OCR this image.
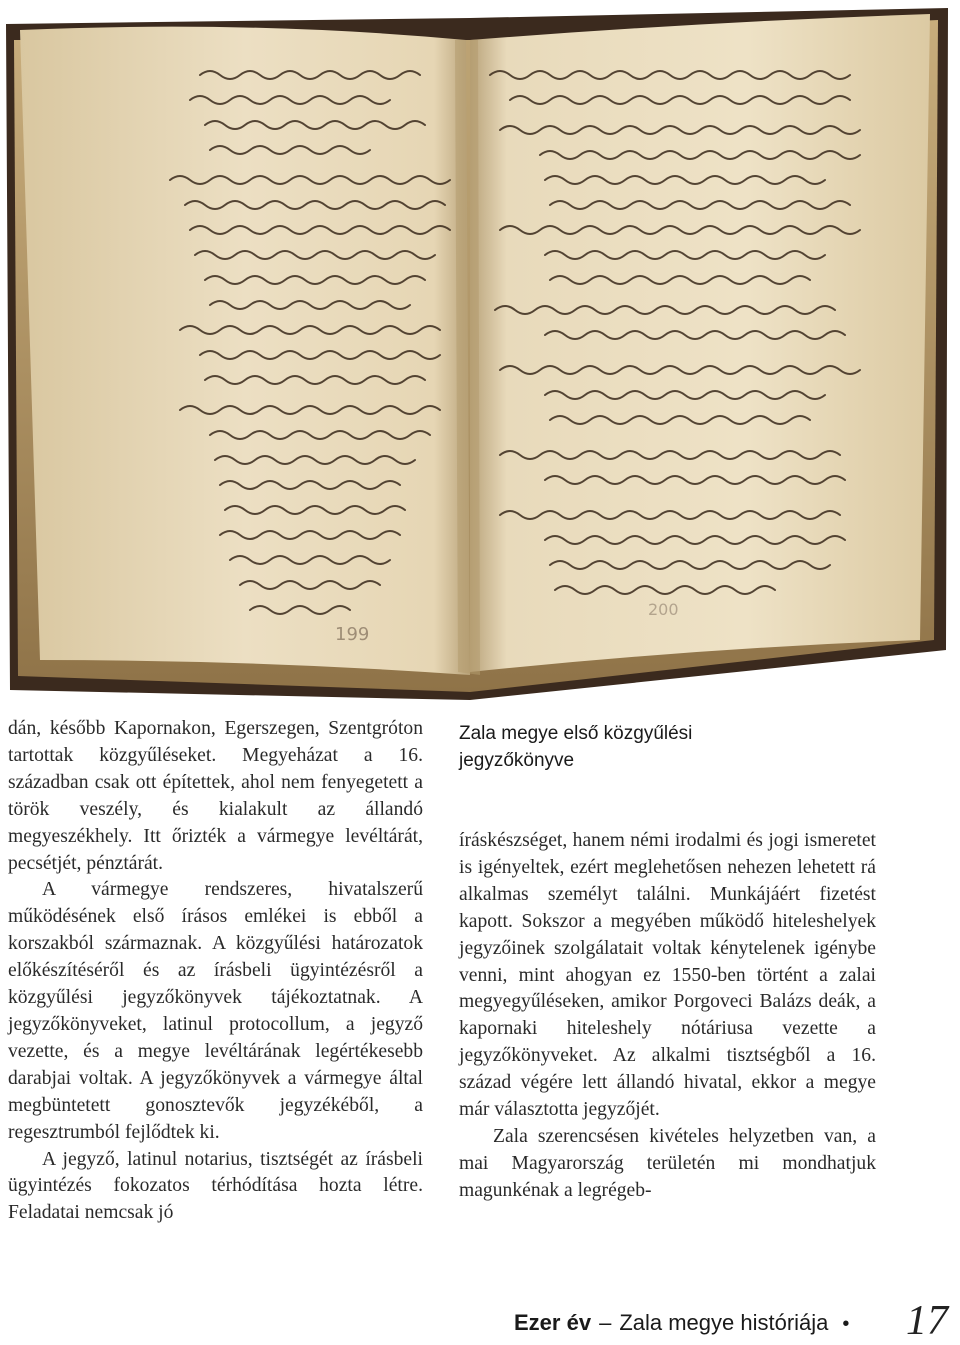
199
200
Zala megye első közgyűlési
jegyzőkönyve

dán, később Kapornakon, Egerszegen, Szentgróton tartottak közgyűléseket. Megyeházat a 16. században csak ott építettek, ahol nem fenyegetett a török veszély, és kialakult az állandó megyeszékhely. Itt őrizték a vármegye levéltárát, pecsétjét, pénztárát.

A vármegye rendszeres, hivatalszerű működésének első írásos emlékei is ebből a korszakból származnak. A közgyűlési határozatok előkészítéséről és az írásbeli ügyintézésről a közgyűlési jegyzőkönyvek tájékoztatnak. A jegyzőkönyveket, latinul protocollum, a jegyző vezette, és a megye levéltárának legértékesebb darabjai voltak. A jegyzőkönyvek a vármegye által megbüntetett gonosztevők jegyzékéből, a regesztrumból fejlődtek ki.

A jegyző, latinul notarius, tisztségét az írásbeli ügyintézés fokozatos térhódítása hozta létre. Feladatai nemcsak jó

íráskészséget, hanem némi irodalmi és jogi ismeretet is igényeltek, ezért meglehetősen nehezen lehetett rá alkalmas személyt találni. Munkájáért fizetést kapott. Sokszor a megyében működő hiteleshelyek jegyzőinek szolgálatait voltak kénytelenek igénybe venni, mint ahogyan ez 1550-ben történt a zalai megyegyűléseken, amikor Porgoveci Balázs deák, a kapornaki hiteleshely nótáriusa vezette a jegyzőkönyveket. Az alkalmi tisztségből a 16. század végére lett állandó hivatal, ekkor a megye már választotta jegyzőjét.

Zala szerencsésen kivételes helyzetben van, a mai Magyarország területén mi mondhatjuk magunkénak a legrégeb-

Ezer év – Zala megye históriája • 17
